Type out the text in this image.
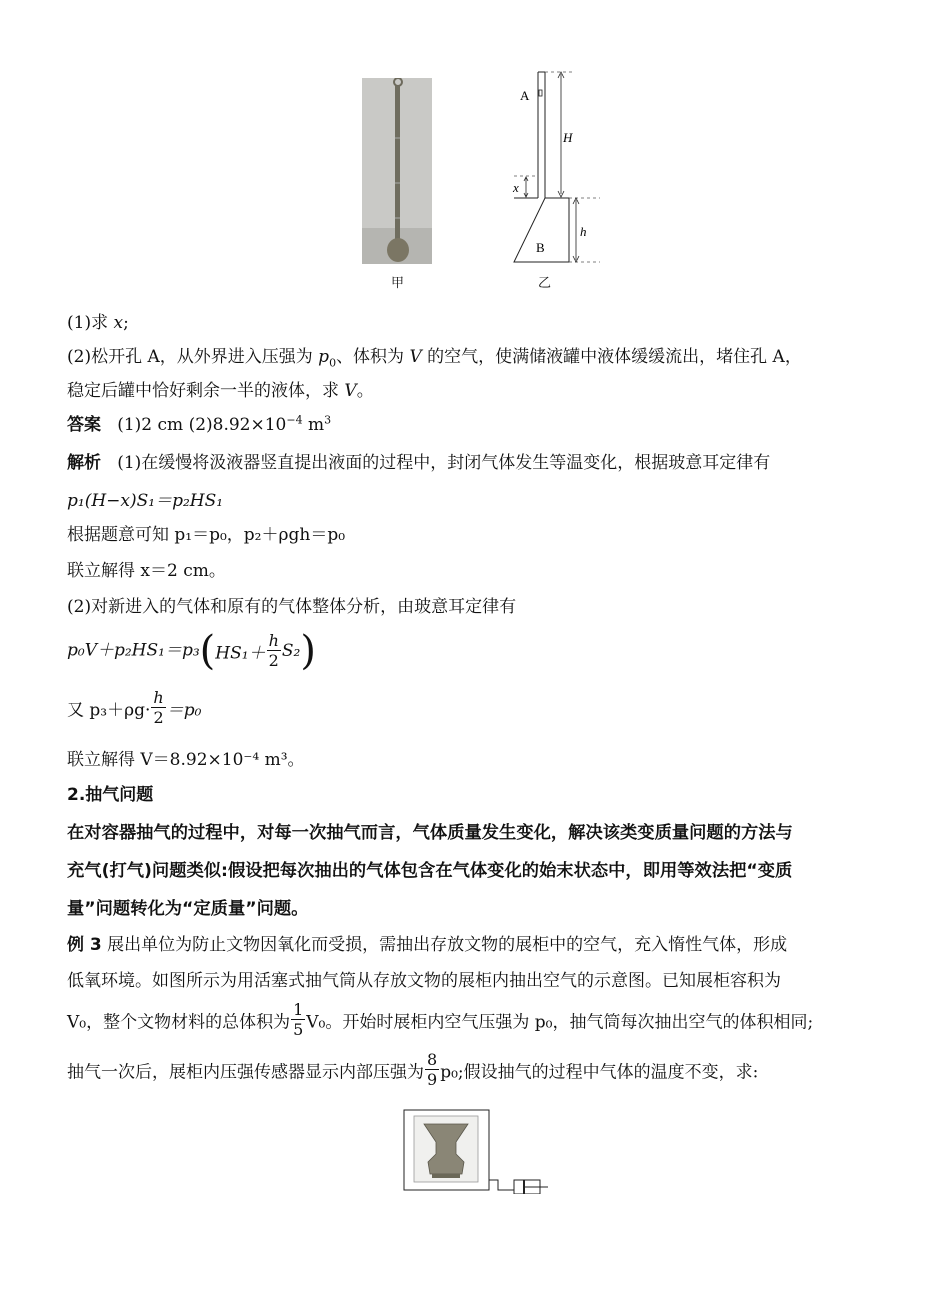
甲
A
H
x
h
B
乙
(1)求 x;
(2)松开孔 A，从外界进入压强为 $p_0$、体积为 V 的空气，使满储液罐中液体缓缓流出，堵住孔 A，
稳定后罐中恰好剩余一半的液体，求 V。
答案 (1)2 cm $(2)8.92\times 10^{-4}$ $m^3$
解析 (1)在缓慢将汲液器竖直提出液面的过程中，封闭气体发生等温变化，根据玻意耳定律有
p₁(H−x)S₁＝p₂HS₁
根据题意可知 p₁＝p₀，p₂＋ρgh＝p₀
联立解得 x＝2 cm。
(2)对新进入的气体和原有的气体整体分析，由玻意耳定律有
$p_0V+p_2HS_1=p_3(HS_1+ \frac{h}{2} S_2)$
又 $p_3+\rho g\cdot \frac{h}{2} =p_0$
联立解得 V＝8.92×10⁻⁴ m³。
2.抽气问题
在对容器抽气的过程中，对每一次抽气而言，气体质量发生变化，解决该类变质量问题的方法与
充气(打气)问题类似:假设把每次抽出的气体包含在气体变化的始末状态中，即用等效法把“变质
量”问题转化为“定质量”问题。
例 3 展出单位为防止文物因氧化而受损，需抽出存放文物的展柜中的空气，充入惰性气体，形成
低氧环境。如图所示为用活塞式抽气筒从存放文物的展柜内抽出空气的示意图。已知展柜容积为
V₀，整个文物材料的总体积为 $\frac{1}{5} V_0$。开始时展柜内空气压强为 p₀，抽气筒每次抽出空气的体积相同;
抽气一次后，展柜内压强传感器显示内部压强为 $\frac{8}{9} p_0$;假设抽气的过程中气体的温度不变，求:
